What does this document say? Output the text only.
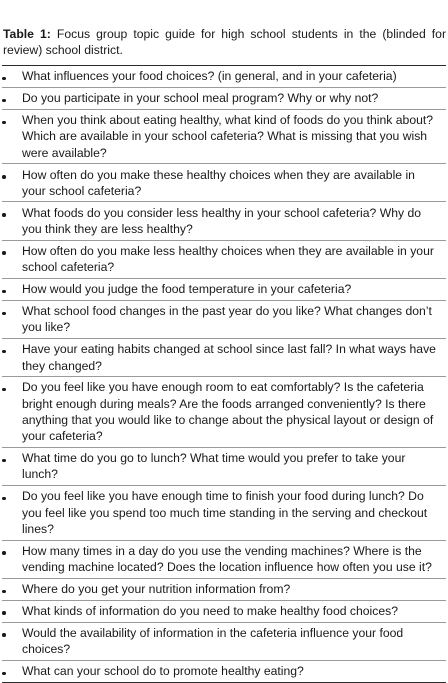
Table 1: Focus group topic guide for high school students in the (blinded for review) school district.

	What influences your food choices? (in general, and in your cafeteria)
	Do you participate in your school meal program? Why or why not?
	When you think about eating healthy, what kind of foods do you think about? Which are available in your school cafeteria? What is missing that you wish were available?
	How often do you make these healthy choices when they are available in your school cafeteria?
	What foods do you consider less healthy in your school cafeteria? Why do you think they are less healthy?
	How often do you make less healthy choices when they are available in your school cafeteria?
	How would you judge the food temperature in your cafeteria?
	What school food changes in the past year do you like? What changes don’t you like?
	Have your eating habits changed at school since last fall? In what ways have they changed?
	Do you feel like you have enough room to eat comfortably? Is the cafeteria bright enough during meals? Are the foods arranged conveniently? Is there anything that you would like to change about the physical layout or design of your cafeteria?
	What time do you go to lunch? What time would you prefer to take your lunch?
	Do you feel like you have enough time to finish your food during lunch? Do you feel like you spend too much time standing in the serving and checkout lines?
	How many times in a day do you use the vending machines? Where is the vending machine located? Does the location influence how often you use it?
	Where do you get your nutrition information from?
	What kinds of information do you need to make healthy food choices?
	Would the availability of information in the cafeteria influence your food choices?
	What can your school do to promote healthy eating?
